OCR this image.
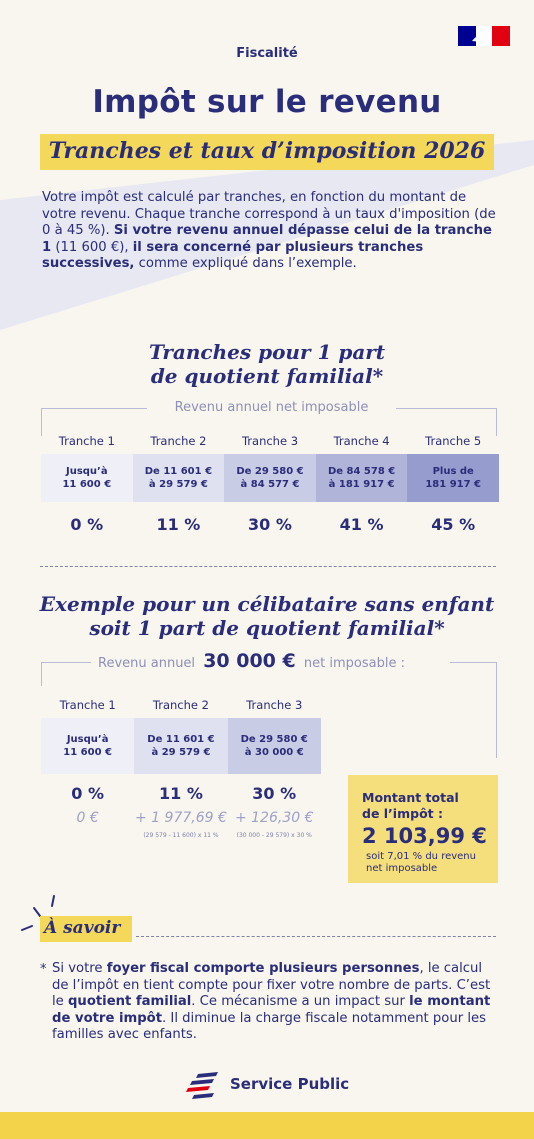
Fiscalité
Impôt sur le revenu
Tranches et taux d’imposition 2026
Votre impôt est calculé par tranches, en fonction du montant de votre revenu. Chaque tranche correspond à un taux d'imposition (de 0 à 45 %). Si votre revenu annuel dépasse celui de la tranche 1 (11 600 €), il sera concerné par plusieurs tranches successives, comme expliqué dans l’exemple.
Tranches pour 1 part
de quotient familial*
Revenu annuel net imposable
Tranche 1
Jusqu’à
11 600 €
0 %
Tranche 2
De 11 601 €
à 29 579 €
11 %
Tranche 3
De 29 580 €
à 84 577 €
30 %
Tranche 4
De 84 578 €
à 181 917 €
41 %
Tranche 5
Plus de
181 917 €
45 %
Exemple pour un célibataire sans enfant
soit 1 part de quotient familial*
Revenu annuel 30 000 € net imposable :
Tranche 1
Jusqu’à
11 600 €
0 %
0 €
Tranche 2
De 11 601 €
à 29 579 €
11 %
+ 1 977,69 €
(29 579 - 11 600) x 11 %
Tranche 3
De 29 580 €
à 30 000 €
30 %
+ 126,30 €
(30 000 - 29 579) x 30 %
Montant total
de l’impôt :
2 103,99 €
soit 7,01 % du revenu
net imposable
À savoir
* Si votre foyer fiscal comporte plusieurs personnes, le calcul de l’impôt en tient compte pour fixer votre nombre de parts. C’est le quotient familial. Ce mécanisme a un impact sur le montant de votre impôt. Il diminue la charge fiscale notamment pour les familles avec enfants.
Service Public
